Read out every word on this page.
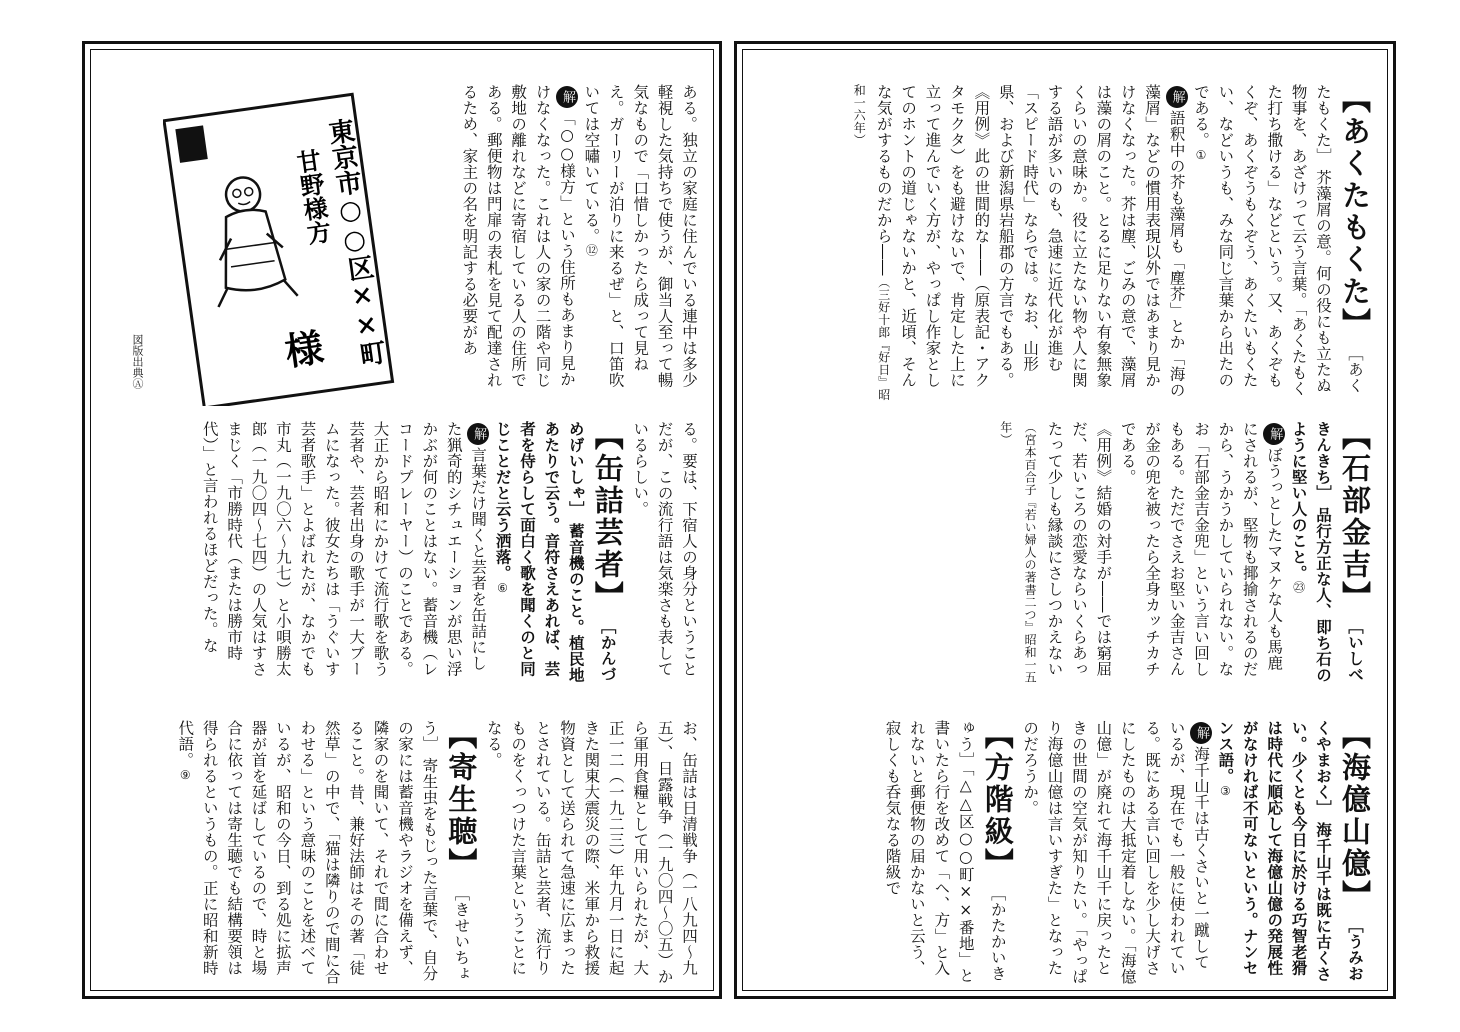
【あくたもくた】 ［あくたもくた］ 芥藻屑の意。何の役にも立たぬ物事を、あざけって云う言葉。「あくたもくた打ち撒ける」などという。又、あくぞもくぞ、あくぞうもくぞう、あくたいもくたい、などいうも、みな同じ言葉から出たのである。①
解語釈中の芥も藻屑も「塵芥」とか「海の藻屑」などの慣用表現以外ではあまり見かけなくなった。芥は塵、ごみの意で、藻屑は藻の屑のこと。とるに足りない有象無象くらいの意味か。役に立たない物や人に関する語が多いのも、急速に近代化が進む「スピード時代」ならでは。なお、山形県、および新潟県岩船郡の方言でもある。
《用例》此の世間的な――（原表記・アクタモクタ）をも避けないで、肯定した上に立って進んでいく方が、やっぱし作家としてのホントの道じゃないかと、近頃、そんな気がするものだから――（三好十郎『好日』昭和一六年）
【石部金吉】 ［いしべきんきち］ 品行方正な人、即ち石のように堅い人のこと。㉓
解ぼうっとしたマヌケな人も馬鹿にされるが、堅物も揶揄されるのだから、うかうかしていられない。なお「石部金吉金兜」という言い回しもある。ただでさえお堅い金吉さんが金の兜を被ったら全身カッチカチである。
《用例》結婚の対手が――では窮屈だ、若いころの恋愛ならいくらあったって少しも縁談にさしつかえない（宮本百合子『若い婦人の著書二つ』昭和一五年）
【海億山億】 ［うみおくやまおく］ 海千山千は既に古くさい。少くとも今日に於ける巧智老猾は時代に順応して海億山億の発展性がなければ不可ないという。ナンセンス語。③
解海千山千は古くさいと一蹴しているが、現在でも一般に使われている。既にある言い回しを少し大げさにしたものは大抵定着しない。「海億山億」が廃れて海千山千に戻ったときの世間の空気が知りたい。「やっぱり海億山億は言いすぎた」となったのだろうか。
【方階級】 ［かたかいきゅう］「△△区○○町××番地」と書いたら行を改めて「ヘ、方」と入れないと郵便物の届かないと云う、寂しくも呑気なる階級で
ある。独立の家庭に住んでいる連中は多少軽視した気持ちで使うが、御当人至って暢気なもので「口惜しかったら成って見ねえ。ガーリーが泊りに来るぜ」と、口笛吹いては空嘯いている。⑫
解「○○様方」という住所もあまり見かけなくなった。これは人の家の二階や同じ敷地の離れなどに寄宿している人の住所である。郵便物は門扉の表札を見て配達されるため、家主の名を明記する必要があ
東京市○○区××町
甘野様方
様
図版出典Ⓐ
る。要は、下宿人の身分ということだが、この流行語は気楽さも表しているらしい。
【缶詰芸者】 ［かんづめげいしゃ］ 蓄音機のこと。植民地あたりで云う。音符さえあれば、芸者を侍らして面白く歌を聞くのと同じことだと云う洒落。⑥
解言葉だけ聞くと芸者を缶詰にした猟奇的シチュエーションが思い浮かぶが何のことはない。蓄音機（レコードプレーヤー）のことである。大正から昭和にかけて流行歌を歌う芸者や、芸者出身の歌手が一大ブームになった。彼女たちは「うぐいす芸者歌手」とよばれたが、なかでも市丸（一九〇六～九七）と小唄勝太郎（一九〇四～七四）の人気はすさまじく「市勝時代（または勝市時代）」と言われるほどだった。な
お、缶詰は日清戦争（一八九四～九五）、日露戦争（一九〇四～〇五）から軍用食糧として用いられたが、大正一二（一九二三）年九月一日に起きた関東大震災の際、米軍から救援物資として送られて急速に広まったとされている。缶詰と芸者、流行りものをくっつけた言葉ということになる。
【寄生聴】 ［きせいちょう］ 寄生虫をもじった言葉で、自分の家には蓄音機やラジオを備えず、隣家のを聞いて、それで間に合わせること。昔、兼好法師はその著「徒然草」の中で、「猫は隣りので間に合わせる」という意味のことを述べているが、昭和の今日、到る処に拡声器が首を延ばしているので、時と場合に依っては寄生聴でも結構要領は得られるというもの。正に昭和新時代語。⑨
